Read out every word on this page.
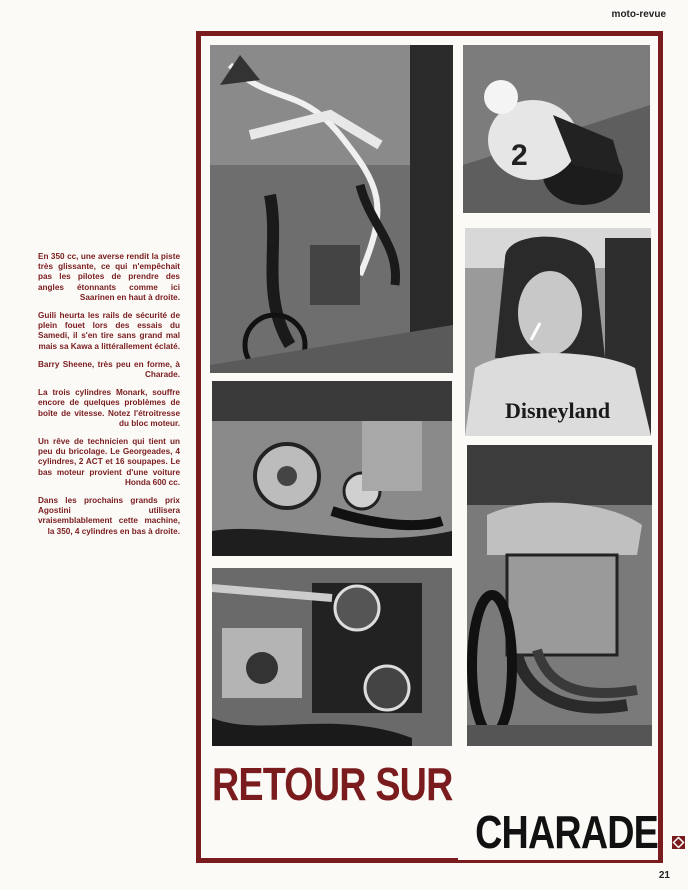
moto-revue

En 350 cc, une averse rendit la piste très glissante, ce qui n'empêchait pas les pilotes de prendre des angles étonnants comme ici Saarinen en haut à droite.

Guili heurta les rails de sécurité de plein fouet lors des essais du Samedi, il s'en tire sans grand mal mais sa Kawa a littérallement éclaté.

Barry Sheene, très peu en forme, à Charade.

La trois cylindres Monark, souffre encore de quelques problèmes de boîte de vitesse. Notez l'étroitresse du bloc moteur.

Un rêve de technicien qui tient un peu du bricolage. Le Georgeades, 4 cylindres, 2 ACT et 16 soupapes. Le bas moteur provient d'une voiture Honda 600 cc.

Dans les prochains grands prix Agostini utilisera vraisemblablement cette machine, la 350, 4 cylindres en bas à droite.

2
Disneyland
RETOUR SUR
CHARADE
21
